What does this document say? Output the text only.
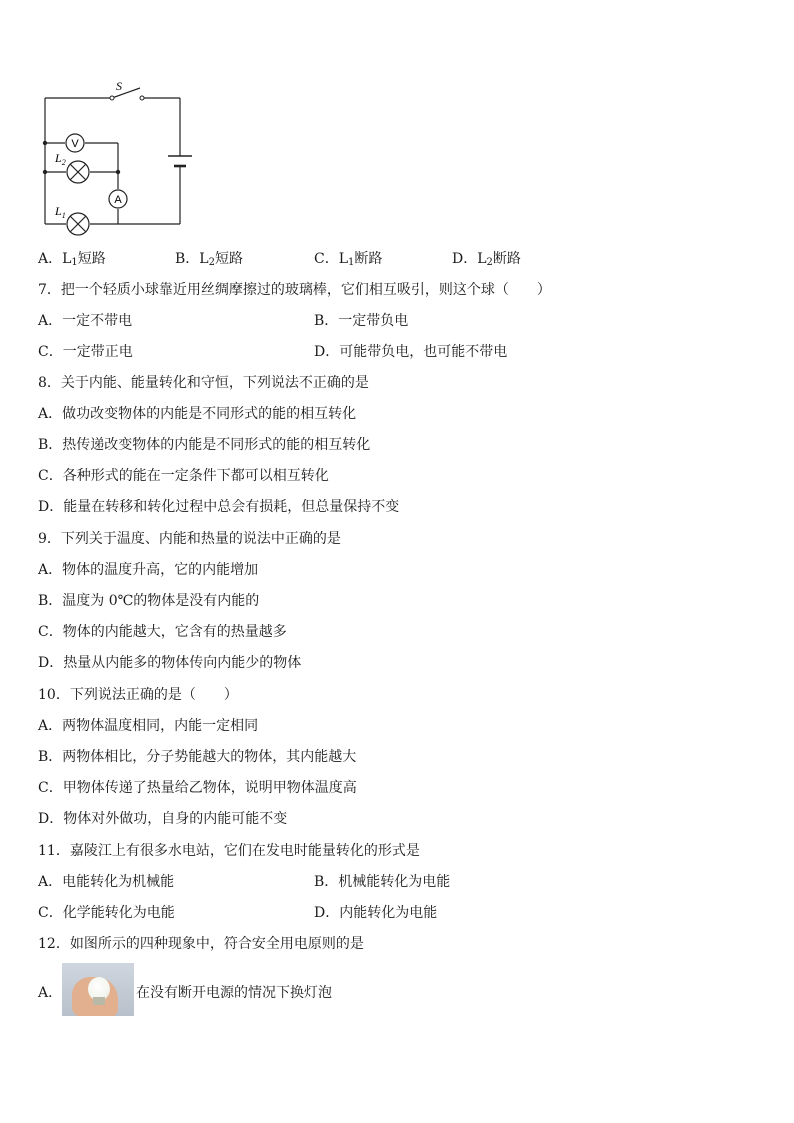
V
$L_2$
A
$L_1$
S
A．$L_1$短路	B．$L_2$短路	C．$L_1$断路	D．$L_2$断路
7．把一个轻质小球靠近用丝绸摩擦过的玻璃棒，它们相互吸引，则这个球（　　）
A．一定不带电	B．一定带负电
C．一定带正电	D．可能带负电，也可能不带电
8．关于内能、能量转化和守恒，下列说法不正确的是
A．做功改变物体的内能是不同形式的能的相互转化
B．热传递改变物体的内能是不同形式的能的相互转化
C．各种形式的能在一定条件下都可以相互转化
D．能量在转移和转化过程中总会有损耗，但总量保持不变
9．下列关于温度、内能和热量的说法中正确的是
A．物体的温度升高，它的内能增加
B．温度为 0℃的物体是没有内能的
C．物体的内能越大，它含有的热量越多
D．热量从内能多的物体传向内能少的物体
10．下列说法正确的是（　　）
A．两物体温度相同，内能一定相同
B．两物体相比，分子势能越大的物体，其内能越大
C．甲物体传递了热量给乙物体，说明甲物体温度高
D．物体对外做功，自身的内能可能不变
11．嘉陵江上有很多水电站，它们在发电时能量转化的形式是
A．电能转化为机械能	B．机械能转化为电能
C．化学能转化为电能	D．内能转化为电能
12．如图所示的四种现象中，符合安全用电原则的是
A．	在没有断开电源的情况下换灯泡
